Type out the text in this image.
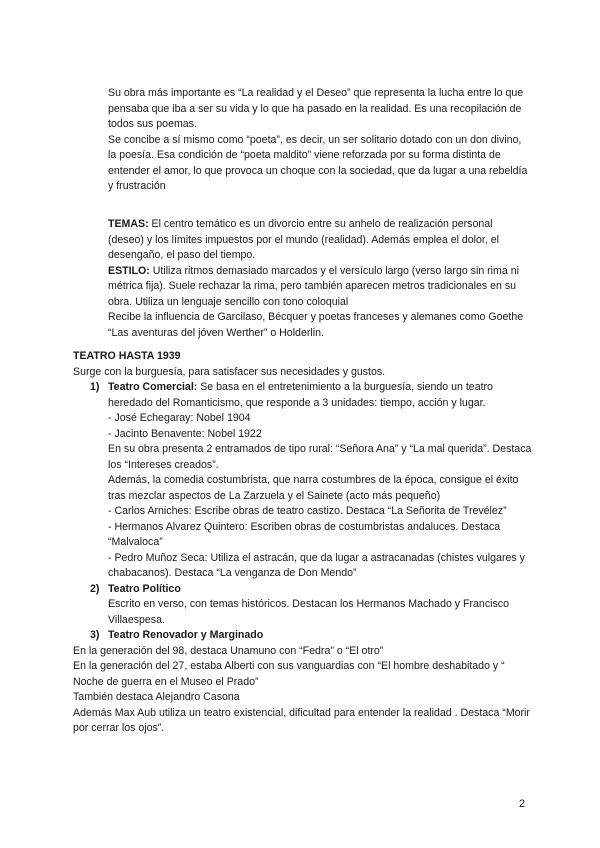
Su obra más importante es “La realidad y el Deseo” que representa la lucha entre lo que pensaba que iba a ser su vida y lo que ha pasado en la realidad. Es una recopilación de todos sus poemas.

Se concibe a sí mismo como “poeta”, es decir, un ser solitario dotado con un don divino, la poesía. Esa condición de “poeta maldito” viene reforzada por su forma distinta de entender el amor, lo que provoca un choque con la sociedad, que da lugar a una rebeldía y frustración

TEMAS: El centro temático es un divorcio entre su anhelo de realización personal (deseo) y los límites impuestos por el mundo (realidad). Además emplea el dolor, el desengaño, el paso del tiempo.

ESTILO: Utiliza ritmos demasiado marcados y el versículo largo (verso largo sin rima ni métrica fija). Suele rechazar la rima, pero también aparecen metros tradicionales en su obra. Utiliza un lenguaje sencillo con tono coloquial

Recibe la influencia de Garcilaso, Bécquer y poetas franceses y alemanes como Goethe “Las aventuras del jóven Werther” o Holderlin.

TEATRO HASTA 1939

Surge con la burguesía, para satisfacer sus necesidades y gustos.

1) Teatro Comercial: Se basa en el entretenimiento a la burguesía, siendo un teatro heredado del Romanticismo, que responde a 3 unidades: tiempo, acción y lugar.

- José Echegaray: Nobel 1904

- Jacinto Benavente: Nobel 1922

En su obra presenta 2 entramados de tipo rural: “Señora Ana” y “La mal querida”. Destaca los “Intereses creados”.

Además, la comedia costumbrista, que narra costumbres de la época, consigue el éxito tras mezclar aspectos de La Zarzuela y el Sainete (acto más pequeño)

- Carlos Arniches: Escribe obras de teatro castizo. Destaca “La Señorita de Trevélez”

- Hermanos Alvarez Quintero: Escriben obras de costumbristas andaluces. Destaca “Malvaloca”

- Pedro Muñoz Seca: Utiliza el astracán, que da lugar a astracanadas (chistes vulgares y chabacanos). Destaca “La venganza de Don Mendo”

2) Teatro Político

Escrito en verso, con temas históricos. Destacan los Hermanos Machado y Francisco Villaespesa.

3) Teatro Renovador y Marginado

En la generación del 98, destaca Unamuno con “Fedra” o “El otro”

En la generación del 27, estaba Alberti con sus vanguardias con “El hombre deshabitado y “ Noche de guerra en el Museo el Prado”

También destaca Alejandro Casona

Además Max Aub utiliza un teatro existencial, dificultad para entender la realidad . Destaca “Morir por cerrar los ojos”.

2
